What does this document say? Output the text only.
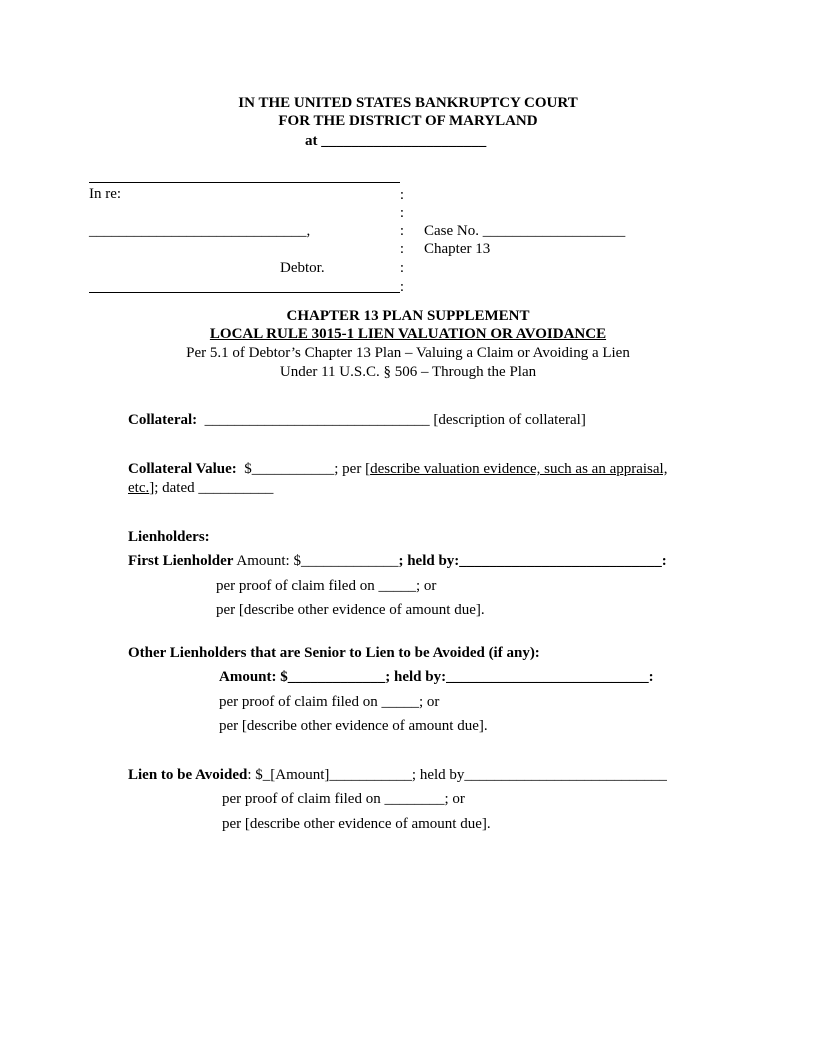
IN THE UNITED STATES BANKRUPTCY COURT
FOR THE DISTRICT OF MARYLAND
at ______________________
In re:
_____________________________,
Debtor.
:
:
:
:
:
:
Case No. ___________________
Chapter 13
CHAPTER 13 PLAN SUPPLEMENT
LOCAL RULE 3015-1 LIEN VALUATION OR AVOIDANCE
Per 5.1 of Debtor’s Chapter 13 Plan – Valuing a Claim or Avoiding a Lien
Under 11 U.S.C. § 506 – Through the Plan
Collateral: ______________________________ [description of collateral]
Collateral Value: $___________; per [describe valuation evidence, such as an appraisal,
etc.]; dated __________
Lienholders:
First Lienholder Amount: $_____________; held by:___________________________:
per proof of claim filed on _____; or
per [describe other evidence of amount due].
Other Lienholders that are Senior to Lien to be Avoided (if any):
Amount: $_____________; held by:___________________________:
per proof of claim filed on _____; or
per [describe other evidence of amount due].
Lien to be Avoided: $_[Amount]___________; held by___________________________
per proof of claim filed on ________; or
per [describe other evidence of amount due].
